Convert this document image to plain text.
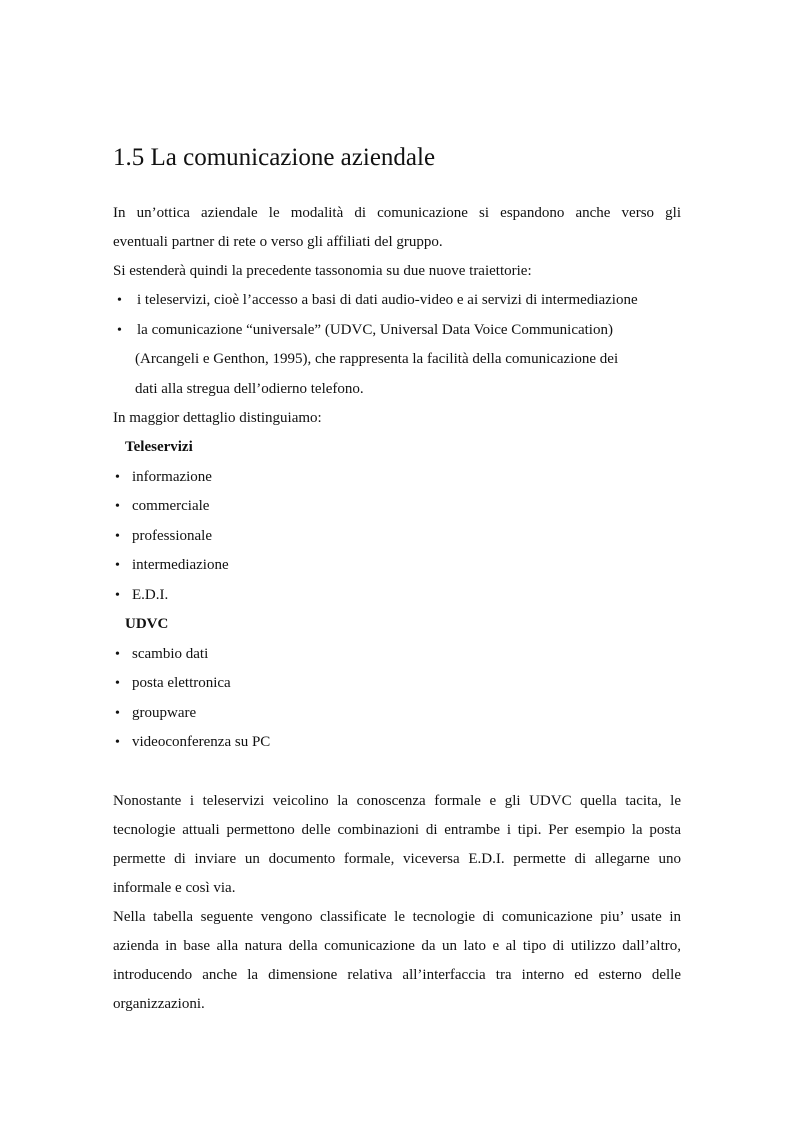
1.5 La comunicazione aziendale

In un’ottica aziendale le modalità di comunicazione si espandono anche verso gli

eventuali partner di rete o verso gli affiliati del gruppo.

Si estenderà quindi la precedente tassonomia su due nuove traiettorie:

• i teleservizi, cioè l’accesso a basi di dati audio-video e ai servizi di intermediazione
• la comunicazione “universale” (UDVC, Universal Data Voice Communication)
(Arcangeli e Genthon, 1995), che rappresenta la facilità della comunicazione dei
dati alla stregua dell’odierno telefono.

In maggior dettaglio distinguiamo:

Teleservizi

• informazione
• commerciale
• professionale
• intermediazione
• E.D.I.

UDVC

• scambio dati
• posta elettronica
• groupware
• videoconferenza su PC

Nonostante i teleservizi veicolino la conoscenza formale e gli UDVC quella tacita, le

tecnologie attuali permettono delle combinazioni di entrambe i tipi. Per esempio la posta

permette di inviare un documento formale, viceversa E.D.I. permette di allegarne uno

informale e così via.

Nella tabella seguente vengono classificate le tecnologie di comunicazione piu’ usate in

azienda in base alla natura della comunicazione da un lato e al tipo di utilizzo dall’altro,

introducendo anche la dimensione relativa all’interfaccia tra interno ed esterno delle

organizzazioni.
